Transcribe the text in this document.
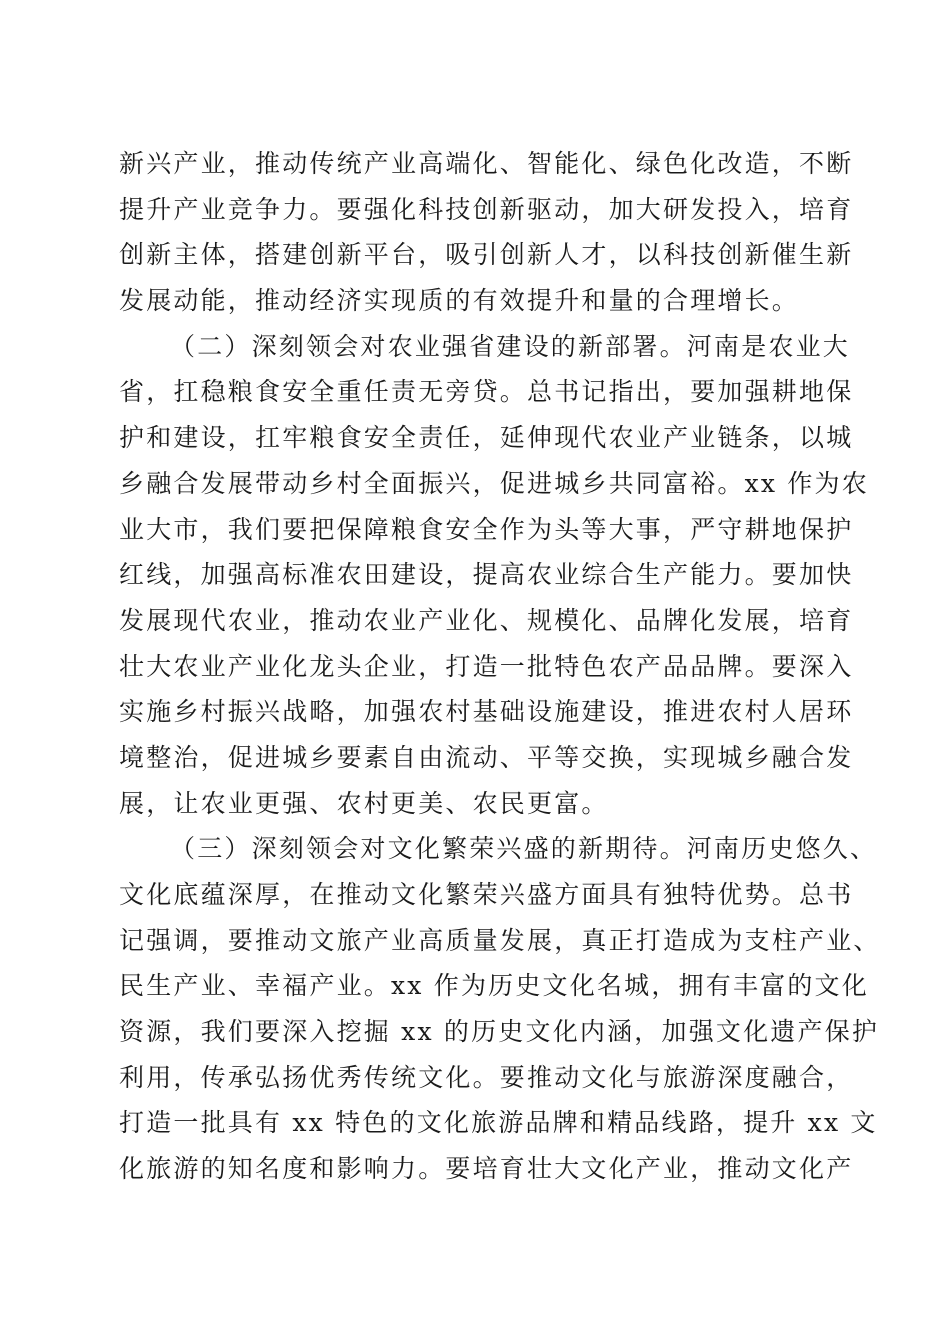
新兴产业，推动传统产业高端化、智能化、绿色化改造，不断
提升产业竞争力。要强化科技创新驱动，加大研发投入，培育
创新主体，搭建创新平台，吸引创新人才，以科技创新催生新
发展动能，推动经济实现质的有效提升和量的合理增长。
（二）深刻领会对农业强省建设的新部署。河南是农业大
省，扛稳粮食安全重任责无旁贷。总书记指出，要加强耕地保
护和建设，扛牢粮食安全责任，延伸现代农业产业链条，以城
乡融合发展带动乡村全面振兴，促进城乡共同富裕。xx 作为农
业大市，我们要把保障粮食安全作为头等大事，严守耕地保护
红线，加强高标准农田建设，提高农业综合生产能力。要加快
发展现代农业，推动农业产业化、规模化、品牌化发展，培育
壮大农业产业化龙头企业，打造一批特色农产品品牌。要深入
实施乡村振兴战略，加强农村基础设施建设，推进农村人居环
境整治，促进城乡要素自由流动、平等交换，实现城乡融合发
展，让农业更强、农村更美、农民更富。
（三）深刻领会对文化繁荣兴盛的新期待。河南历史悠久、
文化底蕴深厚，在推动文化繁荣兴盛方面具有独特优势。总书
记强调，要推动文旅产业高质量发展，真正打造成为支柱产业、
民生产业、幸福产业。xx 作为历史文化名城，拥有丰富的文化
资源，我们要深入挖掘 xx 的历史文化内涵，加强文化遗产保护
利用，传承弘扬优秀传统文化。要推动文化与旅游深度融合，
打造一批具有 xx 特色的文化旅游品牌和精品线路，提升 xx 文
化旅游的知名度和影响力。要培育壮大文化产业，推动文化产
